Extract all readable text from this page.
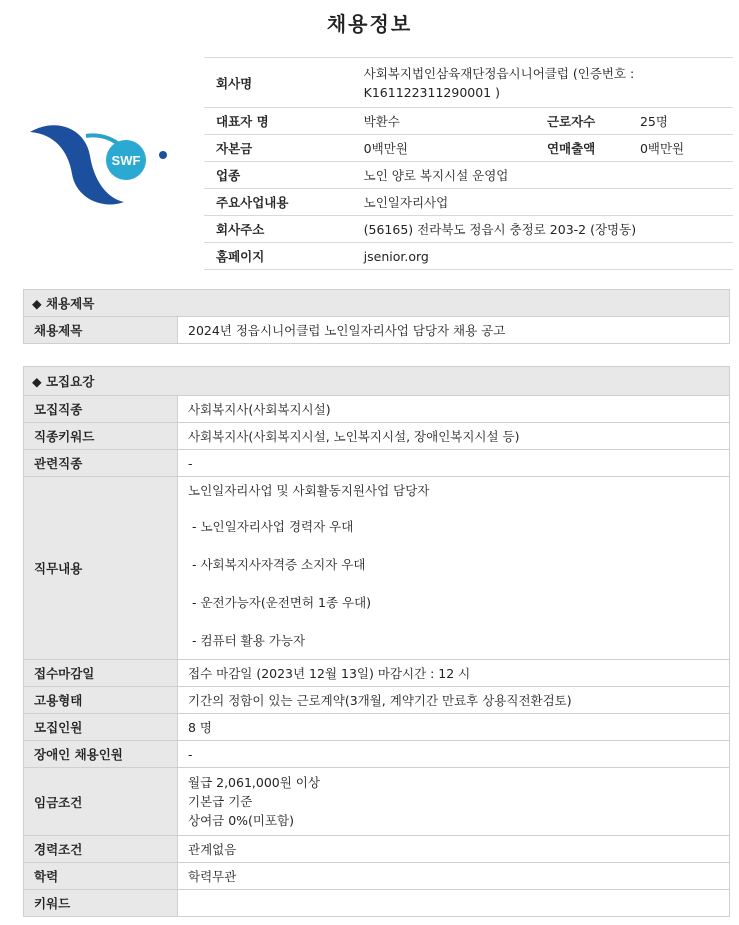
채용정보
SWF
회사명	사회복지법인삼육재단정읍시니어클럽 (인증번호 : K161122311290001 )		
대표자 명	박환수	근로자수	25명
자본금	0백만원	연매출액	0백만원
업종	노인 양로 복지시설 운영업		
주요사업내용	노인일자리사업		
회사주소	(56165) 전라북도 정읍시 충정로 203-2 (장명동)		
홈페이지	jsenior.org		
◆ 채용제목
채용제목	2024년 정읍시니어클럽 노인일자리사업 담당자 채용 공고
◆ 모집요강	
모집직종	사회복지사(사회복지시설)
직종키워드	사회복지사(사회복지시설, 노인복지시설, 장애인복지시설 등)
관련직종	-
직무내용	노인일자리사업 및 사회활동지원사업 담당자
- 노인일자리사업 경력자 우대
- 사회복지사자격증 소지자 우대
- 운전가능자(운전면허 1종 우대)
- 컴퓨터 활용 가능자

접수마감일	접수 마감일 (2023년 12월 13일) 마감시간 : 12 시
고용형태	기간의 정함이 있는 근로계약(3개월, 계약기간 만료후 상용직전환검토)
모집인원	8 명
장애인 채용인원	-
임금조건	월급 2,061,000원 이상
기본급 기준
상여금 0%(미포함)

경력조건	관계없음
학력	학력무관
키워드	
